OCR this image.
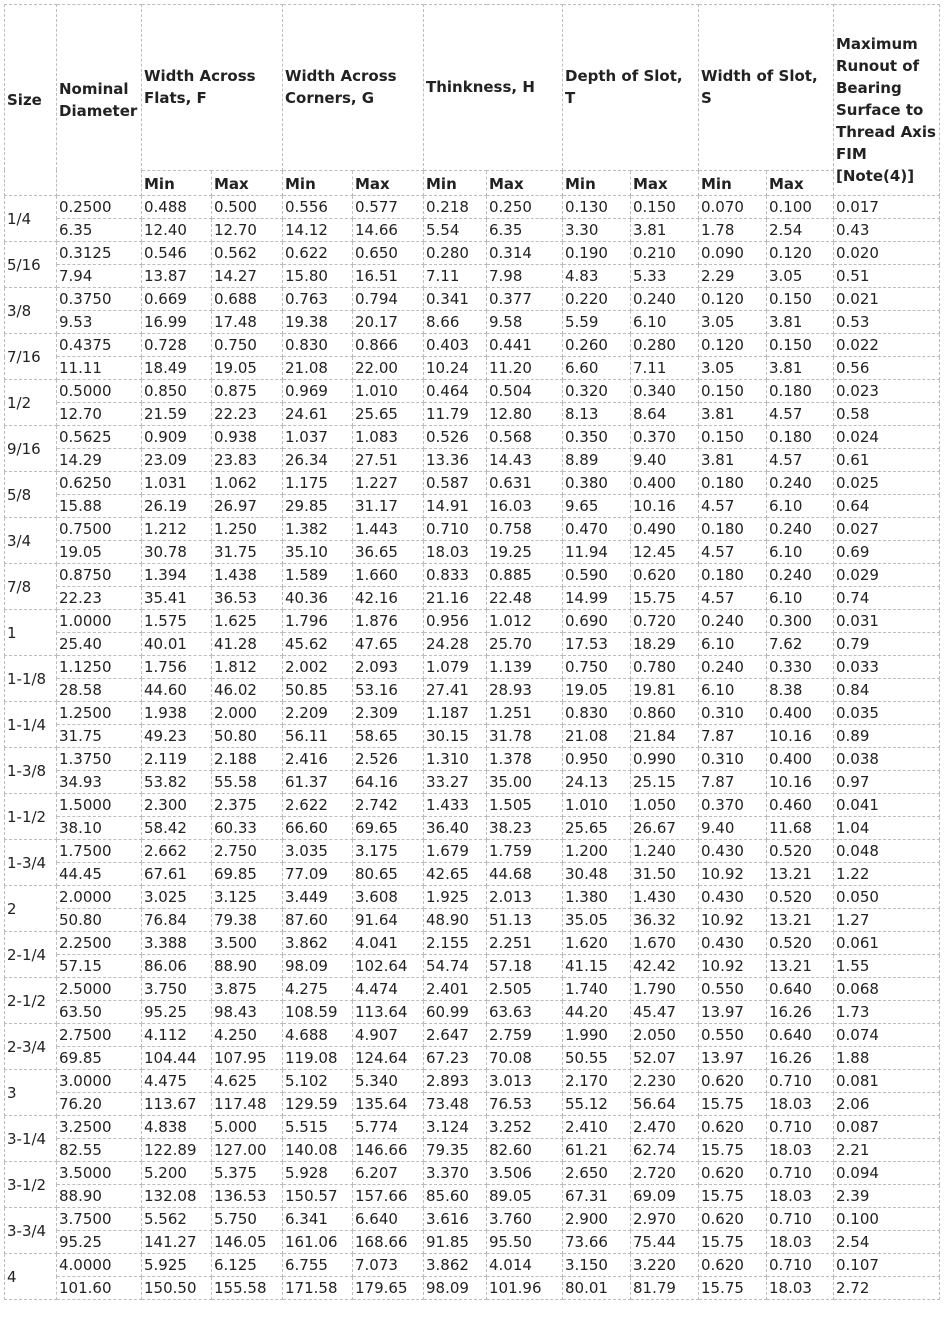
Size	Nominal Diameter	Width Across Flats, F		Width Across Corners, G		Thinkness, H		Depth of Slot, T		Width of Slot, S		Maximum Runout of Bearing Surface to Thread Axis FIM [Note(4)]
		Min	Max	Min	Max	Min	Max	Min	Max	Min	Max	
1/4	0.2500	0.488	0.500	0.556	0.577	0.218	0.250	0.130	0.150	0.070	0.100	0.017
	6.35	12.40	12.70	14.12	14.66	5.54	6.35	3.30	3.81	1.78	2.54	0.43
5/16	0.3125	0.546	0.562	0.622	0.650	0.280	0.314	0.190	0.210	0.090	0.120	0.020
	7.94	13.87	14.27	15.80	16.51	7.11	7.98	4.83	5.33	2.29	3.05	0.51
3/8	0.3750	0.669	0.688	0.763	0.794	0.341	0.377	0.220	0.240	0.120	0.150	0.021
	9.53	16.99	17.48	19.38	20.17	8.66	9.58	5.59	6.10	3.05	3.81	0.53
7/16	0.4375	0.728	0.750	0.830	0.866	0.403	0.441	0.260	0.280	0.120	0.150	0.022
	11.11	18.49	19.05	21.08	22.00	10.24	11.20	6.60	7.11	3.05	3.81	0.56
1/2	0.5000	0.850	0.875	0.969	1.010	0.464	0.504	0.320	0.340	0.150	0.180	0.023
	12.70	21.59	22.23	24.61	25.65	11.79	12.80	8.13	8.64	3.81	4.57	0.58
9/16	0.5625	0.909	0.938	1.037	1.083	0.526	0.568	0.350	0.370	0.150	0.180	0.024
	14.29	23.09	23.83	26.34	27.51	13.36	14.43	8.89	9.40	3.81	4.57	0.61
5/8	0.6250	1.031	1.062	1.175	1.227	0.587	0.631	0.380	0.400	0.180	0.240	0.025
	15.88	26.19	26.97	29.85	31.17	14.91	16.03	9.65	10.16	4.57	6.10	0.64
3/4	0.7500	1.212	1.250	1.382	1.443	0.710	0.758	0.470	0.490	0.180	0.240	0.027
	19.05	30.78	31.75	35.10	36.65	18.03	19.25	11.94	12.45	4.57	6.10	0.69
7/8	0.8750	1.394	1.438	1.589	1.660	0.833	0.885	0.590	0.620	0.180	0.240	0.029
	22.23	35.41	36.53	40.36	42.16	21.16	22.48	14.99	15.75	4.57	6.10	0.74
1	1.0000	1.575	1.625	1.796	1.876	0.956	1.012	0.690	0.720	0.240	0.300	0.031
	25.40	40.01	41.28	45.62	47.65	24.28	25.70	17.53	18.29	6.10	7.62	0.79
1-1/8	1.1250	1.756	1.812	2.002	2.093	1.079	1.139	0.750	0.780	0.240	0.330	0.033
	28.58	44.60	46.02	50.85	53.16	27.41	28.93	19.05	19.81	6.10	8.38	0.84
1-1/4	1.2500	1.938	2.000	2.209	2.309	1.187	1.251	0.830	0.860	0.310	0.400	0.035
	31.75	49.23	50.80	56.11	58.65	30.15	31.78	21.08	21.84	7.87	10.16	0.89
1-3/8	1.3750	2.119	2.188	2.416	2.526	1.310	1.378	0.950	0.990	0.310	0.400	0.038
	34.93	53.82	55.58	61.37	64.16	33.27	35.00	24.13	25.15	7.87	10.16	0.97
1-1/2	1.5000	2.300	2.375	2.622	2.742	1.433	1.505	1.010	1.050	0.370	0.460	0.041
	38.10	58.42	60.33	66.60	69.65	36.40	38.23	25.65	26.67	9.40	11.68	1.04
1-3/4	1.7500	2.662	2.750	3.035	3.175	1.679	1.759	1.200	1.240	0.430	0.520	0.048
	44.45	67.61	69.85	77.09	80.65	42.65	44.68	30.48	31.50	10.92	13.21	1.22
2	2.0000	3.025	3.125	3.449	3.608	1.925	2.013	1.380	1.430	0.430	0.520	0.050
	50.80	76.84	79.38	87.60	91.64	48.90	51.13	35.05	36.32	10.92	13.21	1.27
2-1/4	2.2500	3.388	3.500	3.862	4.041	2.155	2.251	1.620	1.670	0.430	0.520	0.061
	57.15	86.06	88.90	98.09	102.64	54.74	57.18	41.15	42.42	10.92	13.21	1.55
2-1/2	2.5000	3.750	3.875	4.275	4.474	2.401	2.505	1.740	1.790	0.550	0.640	0.068
	63.50	95.25	98.43	108.59	113.64	60.99	63.63	44.20	45.47	13.97	16.26	1.73
2-3/4	2.7500	4.112	4.250	4.688	4.907	2.647	2.759	1.990	2.050	0.550	0.640	0.074
	69.85	104.44	107.95	119.08	124.64	67.23	70.08	50.55	52.07	13.97	16.26	1.88
3	3.0000	4.475	4.625	5.102	5.340	2.893	3.013	2.170	2.230	0.620	0.710	0.081
	76.20	113.67	117.48	129.59	135.64	73.48	76.53	55.12	56.64	15.75	18.03	2.06
3-1/4	3.2500	4.838	5.000	5.515	5.774	3.124	3.252	2.410	2.470	0.620	0.710	0.087
	82.55	122.89	127.00	140.08	146.66	79.35	82.60	61.21	62.74	15.75	18.03	2.21
3-1/2	3.5000	5.200	5.375	5.928	6.207	3.370	3.506	2.650	2.720	0.620	0.710	0.094
	88.90	132.08	136.53	150.57	157.66	85.60	89.05	67.31	69.09	15.75	18.03	2.39
3-3/4	3.7500	5.562	5.750	6.341	6.640	3.616	3.760	2.900	2.970	0.620	0.710	0.100
	95.25	141.27	146.05	161.06	168.66	91.85	95.50	73.66	75.44	15.75	18.03	2.54
4	4.0000	5.925	6.125	6.755	7.073	3.862	4.014	3.150	3.220	0.620	0.710	0.107
	101.60	150.50	155.58	171.58	179.65	98.09	101.96	80.01	81.79	15.75	18.03	2.72
